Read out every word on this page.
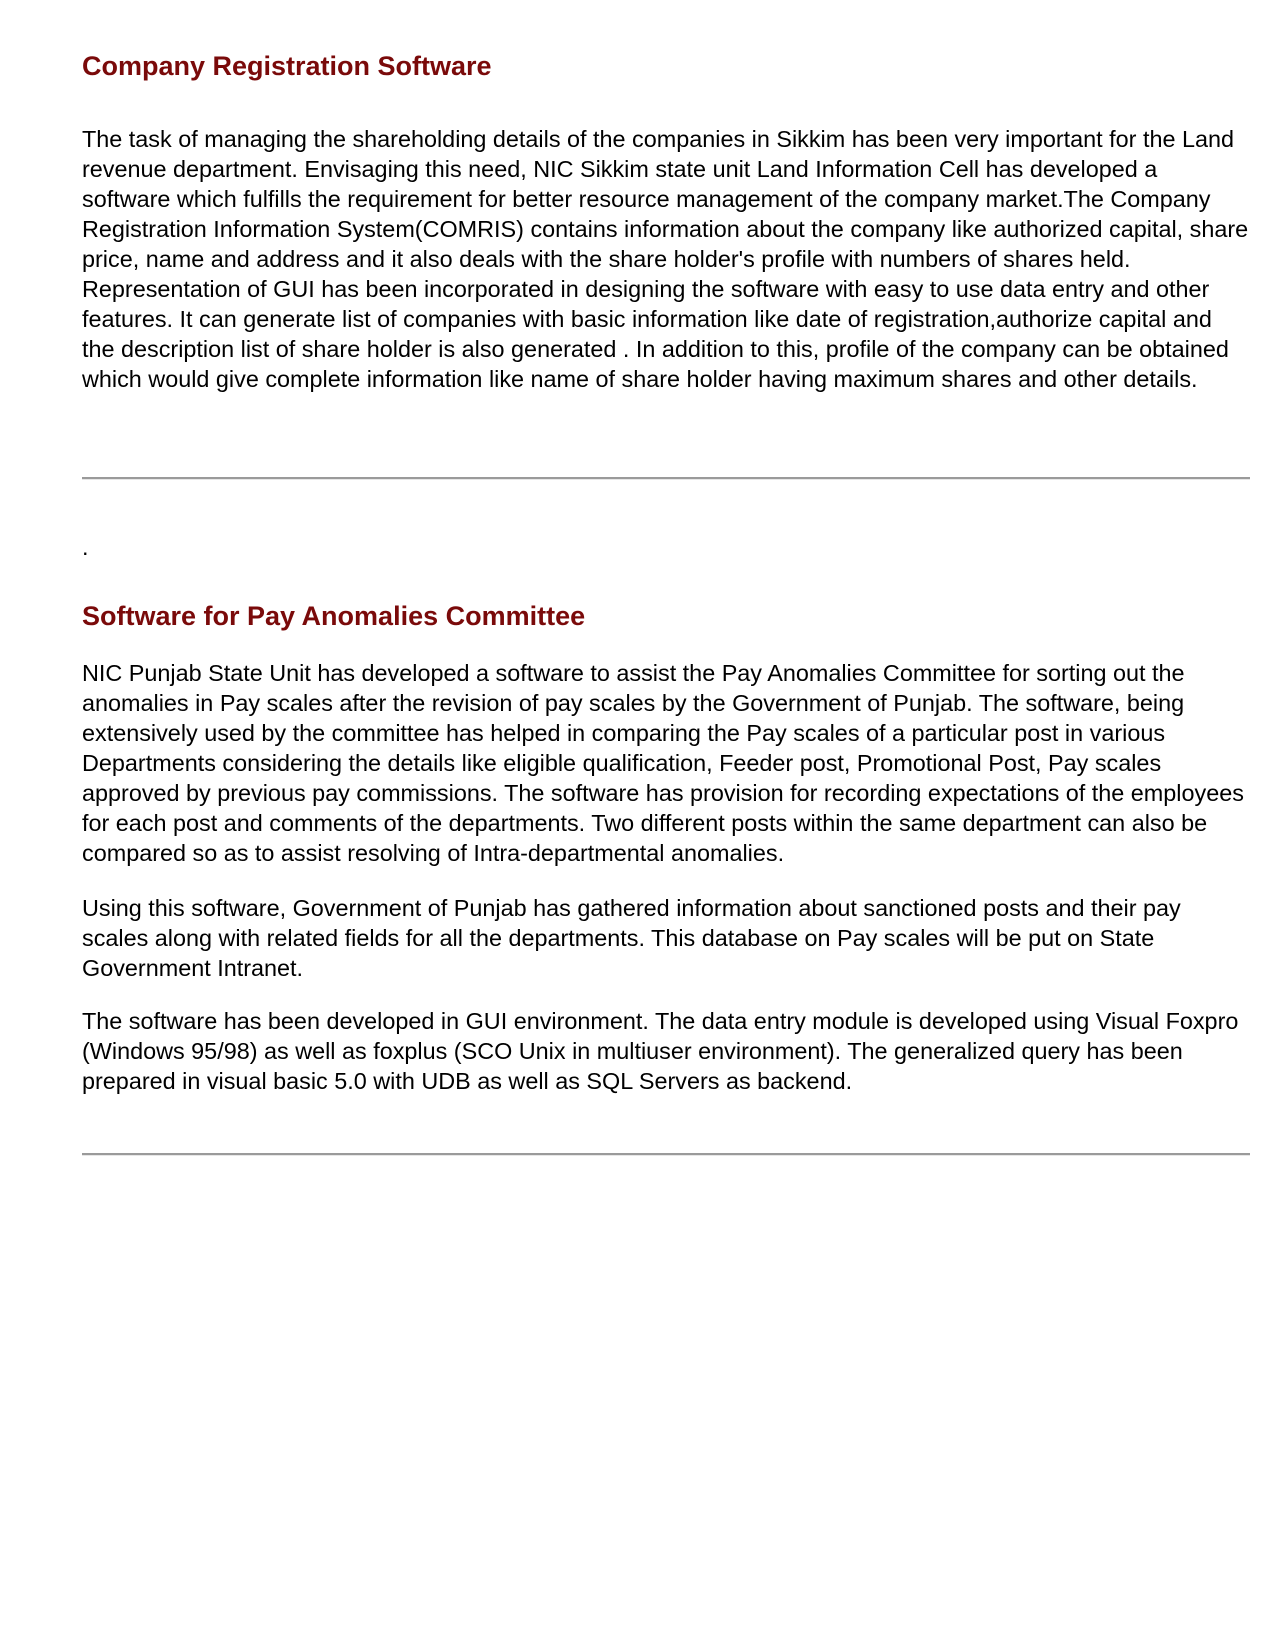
Company Registration Software

The task of managing the shareholding details of the companies in Sikkim has been very important for the Land revenue department. Envisaging this need, NIC Sikkim state unit Land Information Cell has developed a software which fulfills the requirement for better resource management of the company market.The Company Registration Information System(COMRIS) contains information about the company like authorized capital, share price, name and address and it also deals with the share holder's profile with numbers of shares held. Representation of GUI has been incorporated in designing the software with easy to use data entry and other features. It can generate list of companies with basic information like date of registration,authorize capital and the description list of share holder is also generated . In addition to this, profile of the company can be obtained which would give complete information like name of share holder having maximum shares and other details.

.

Software for Pay Anomalies Committee

NIC Punjab State Unit has developed a software to assist the Pay Anomalies Committee for sorting out the anomalies in Pay scales after the revision of pay scales by the Government of Punjab. The software, being extensively used by the committee has helped in comparing the Pay scales of a particular post in various Departments considering the details like eligible qualification, Feeder post, Promotional Post, Pay scales approved by previous pay commissions. The software has provision for recording expectations of the employees for each post and comments of the departments. Two different posts within the same department can also be compared so as to assist resolving of Intra-departmental anomalies.

Using this software, Government of Punjab has gathered information about sanctioned posts and their pay scales along with related fields for all the departments. This database on Pay scales will be put on State Government Intranet.

The software has been developed in GUI environment. The data entry module is developed using Visual Foxpro (Windows 95/98) as well as foxplus (SCO Unix in multiuser environment). The generalized query has been prepared in visual basic 5.0 with UDB as well as SQL Servers as backend.
